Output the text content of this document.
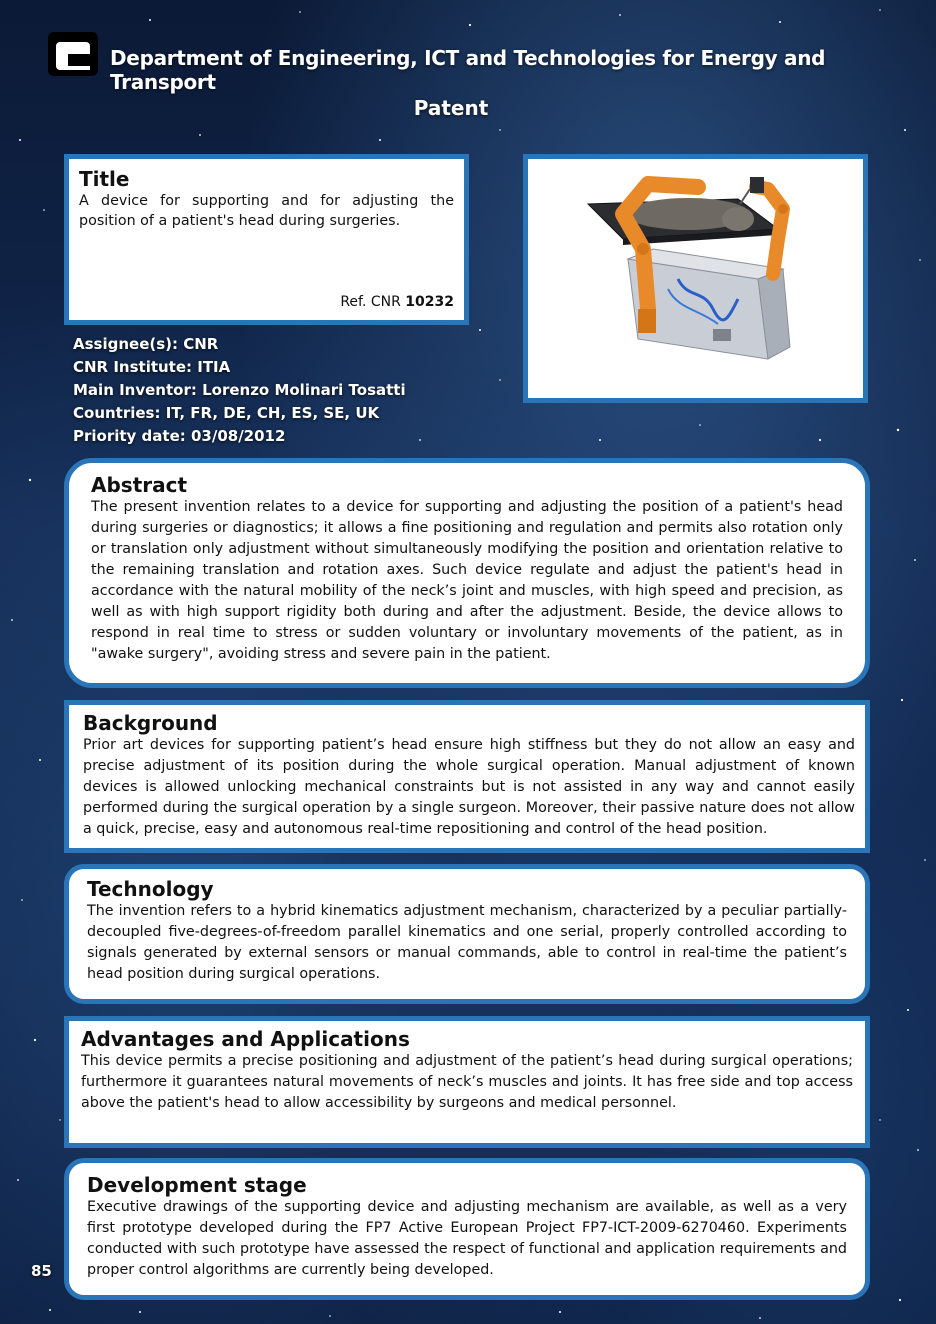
Department of Engineering, ICT and Technologies for Energy and Transport
Patent
Title

A device for supporting and for adjusting the position of a patient's head during surgeries.

Ref. CNR 10232
Assignee(s): CNR
CNR Institute: ITIA
Main Inventor: Lorenzo Molinari Tosatti
Countries: IT, FR, DE, CH, ES, SE, UK
Priority date: 03/08/2012
Abstract

The present invention relates to a device for supporting and adjusting the position of a patient's head during surgeries or diagnostics; it allows a fine positioning and regulation and permits also rotation only or translation only adjustment without simultaneously modifying the position and orientation relative to the remaining translation and rotation axes. Such device regulate and adjust the patient's head in accordance with the natural mobility of the neck’s joint and muscles, with high speed and precision, as well as with high support rigidity both during and after the adjustment. Beside, the device allows to respond in real time to stress or sudden voluntary or involuntary movements of the patient, as in "awake surgery", avoiding stress and severe pain in the patient.

Background

Prior art devices for supporting patient’s head ensure high stiffness but they do not allow an easy and precise adjustment of its position during the whole surgical operation. Manual adjustment of known devices is allowed unlocking mechanical constraints but is not assisted in any way and cannot easily performed during the surgical operation by a single surgeon. Moreover, their passive nature does not allow a quick, precise, easy and autonomous real-time repositioning and control of the head position.

Technology

The invention refers to a hybrid kinematics adjustment mechanism, characterized by a peculiar partially-decoupled five-degrees-of-freedom parallel kinematics and one serial, properly controlled according to signals generated by external sensors or manual commands, able to control in real-time the patient’s head position during surgical operations.

Advantages and Applications

This device permits a precise positioning and adjustment of the patient’s head during surgical operations; furthermore it guarantees natural movements of neck’s muscles and joints. It has free side and top access above the patient's head to allow accessibility by surgeons and medical personnel.

Development stage

Executive drawings of the supporting device and adjusting mechanism are available, as well as a very first prototype developed during the FP7 Active European Project FP7-ICT-2009-6270460. Experiments conducted with such prototype have assessed the respect of functional and application requirements and proper control algorithms are currently being developed.

85
